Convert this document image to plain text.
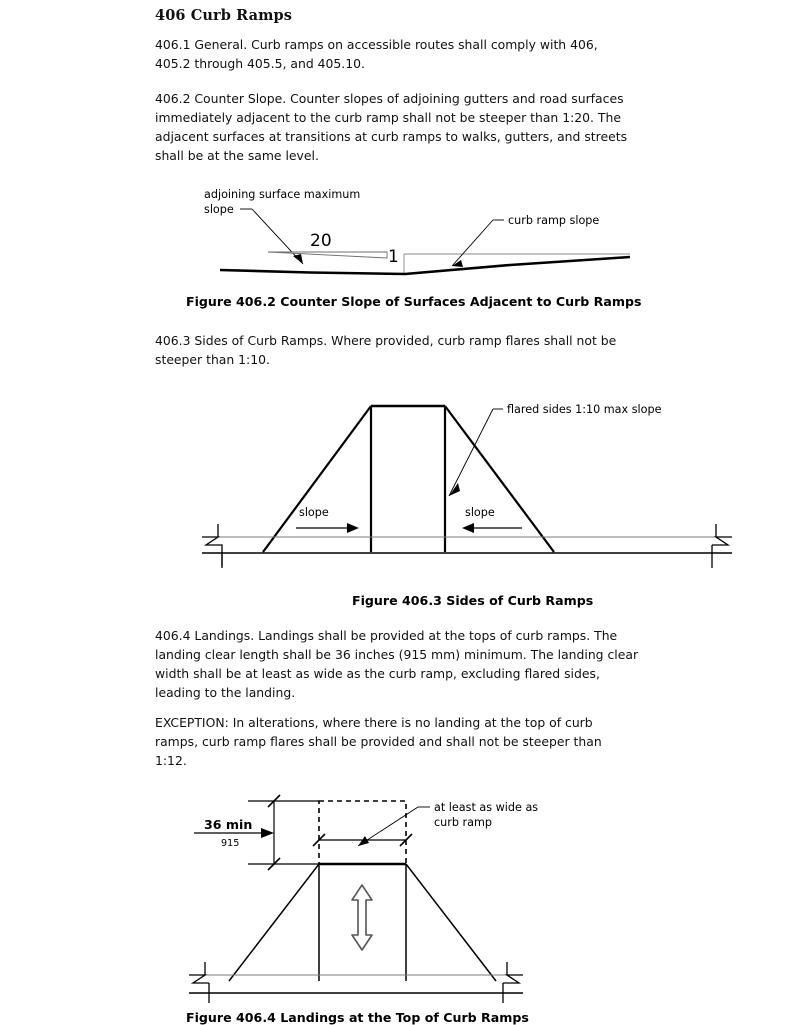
406 Curb Ramps
406.1 General. Curb ramps on accessible routes shall comply with 406, 405.2 through 405.5, and 405.10.
406.2 Counter Slope. Counter slopes of adjoining gutters and road surfaces immediately adjacent to the curb ramp shall not be steeper than 1:20. The adjacent surfaces at transitions at curb ramps to walks, gutters, and streets shall be at the same level.
adjoining surface maximum
slope
20
1
curb ramp slope
Figure 406.2 Counter Slope of Surfaces Adjacent to Curb Ramps
406.3 Sides of Curb Ramps. Where provided, curb ramp flares shall not be steeper than 1:10.
flared sides 1:10 max slope
slope	slope
Figure 406.3 Sides of Curb Ramps
406.4 Landings. Landings shall be provided at the tops of curb ramps. The landing clear length shall be 36 inches (915 mm) minimum. The landing clear width shall be at least as wide as the curb ramp, excluding flared sides, leading to the landing.
EXCEPTION: In alterations, where there is no landing at the top of curb ramps, curb ramp flares shall be provided and shall not be steeper than 1:12.
36 min
915
at least as wide as
curb ramp
Figure 406.4 Landings at the Top of Curb Ramps
